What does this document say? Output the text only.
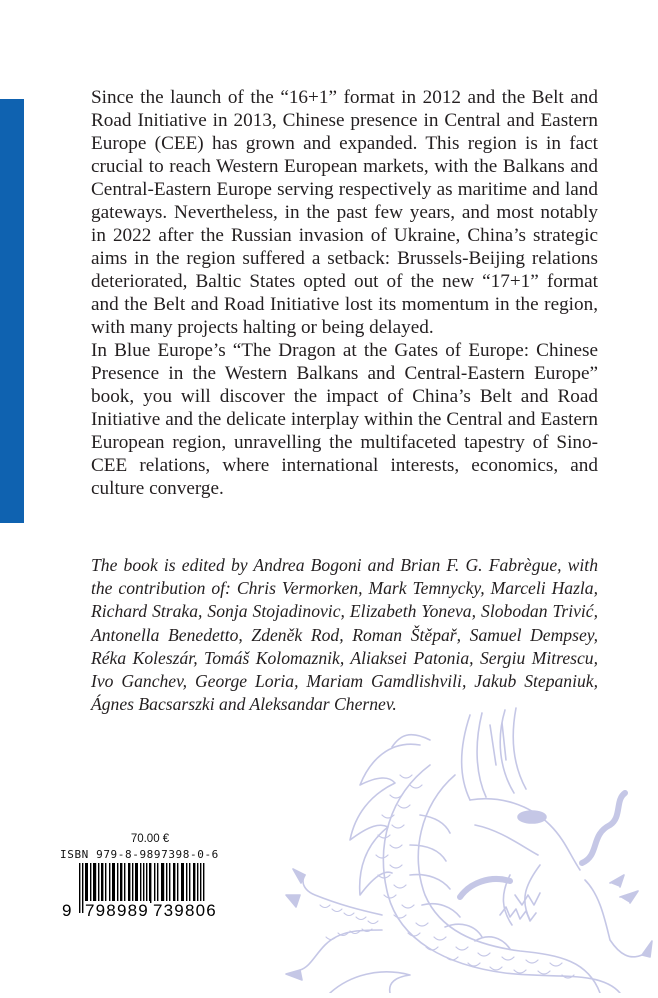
Since the launch of the “16+1” format in 2012 and the Belt and Road Initiative in 2013, Chinese presence in Central and Eastern Europe (CEE) has grown and expanded. This region is in fact crucial to reach Western European markets, with the Balkans and Central-Eastern Europe serving respectively as maritime and land gateways. Nevertheless, in the past few years, and most notably in 2022 after the Russian invasion of Ukraine, China’s strategic aims in the region suffered a setback: Brussels-Beijing relations deteriorated, Baltic States opted out of the new “17+1” format and the Belt and Road Initiative lost its momentum in the region, with many projects halting or being delayed.

In Blue Europe’s “The Dragon at the Gates of Europe: Chinese Presence in the Western Balkans and Central-Eastern Europe” book, you will discover the impact of China’s Belt and Road Initiative and the delicate interplay within the Central and Eastern European region, unravelling the multifaceted tapestry of Sino-CEE relations, where international interests, economics, and culture converge.

The book is edited by Andrea Bogoni and Brian F. G. Fabrègue, with the contribution of: Chris Vermorken, Mark Temnycky, Marceli Hazla, Richard Straka, Sonja Stojadinovic, Elizabeth Yoneva, Slobodan Trivić, Antonella Benedetto, Zdeněk Rod, Roman Štěpař, Samuel Dempsey, Réka Koleszár, Tomáš Kolomaznik, Aliaksei Patonia, Sergiu Mitrescu, Ivo Ganchev, George Loria, Mariam Gamdlishvili, Jakub Stepaniuk, Ágnes Bacsarszki and Aleksandar Chernev.

70.00 €
ISBN 979-8-9897398-0-6
9 798989 739806
